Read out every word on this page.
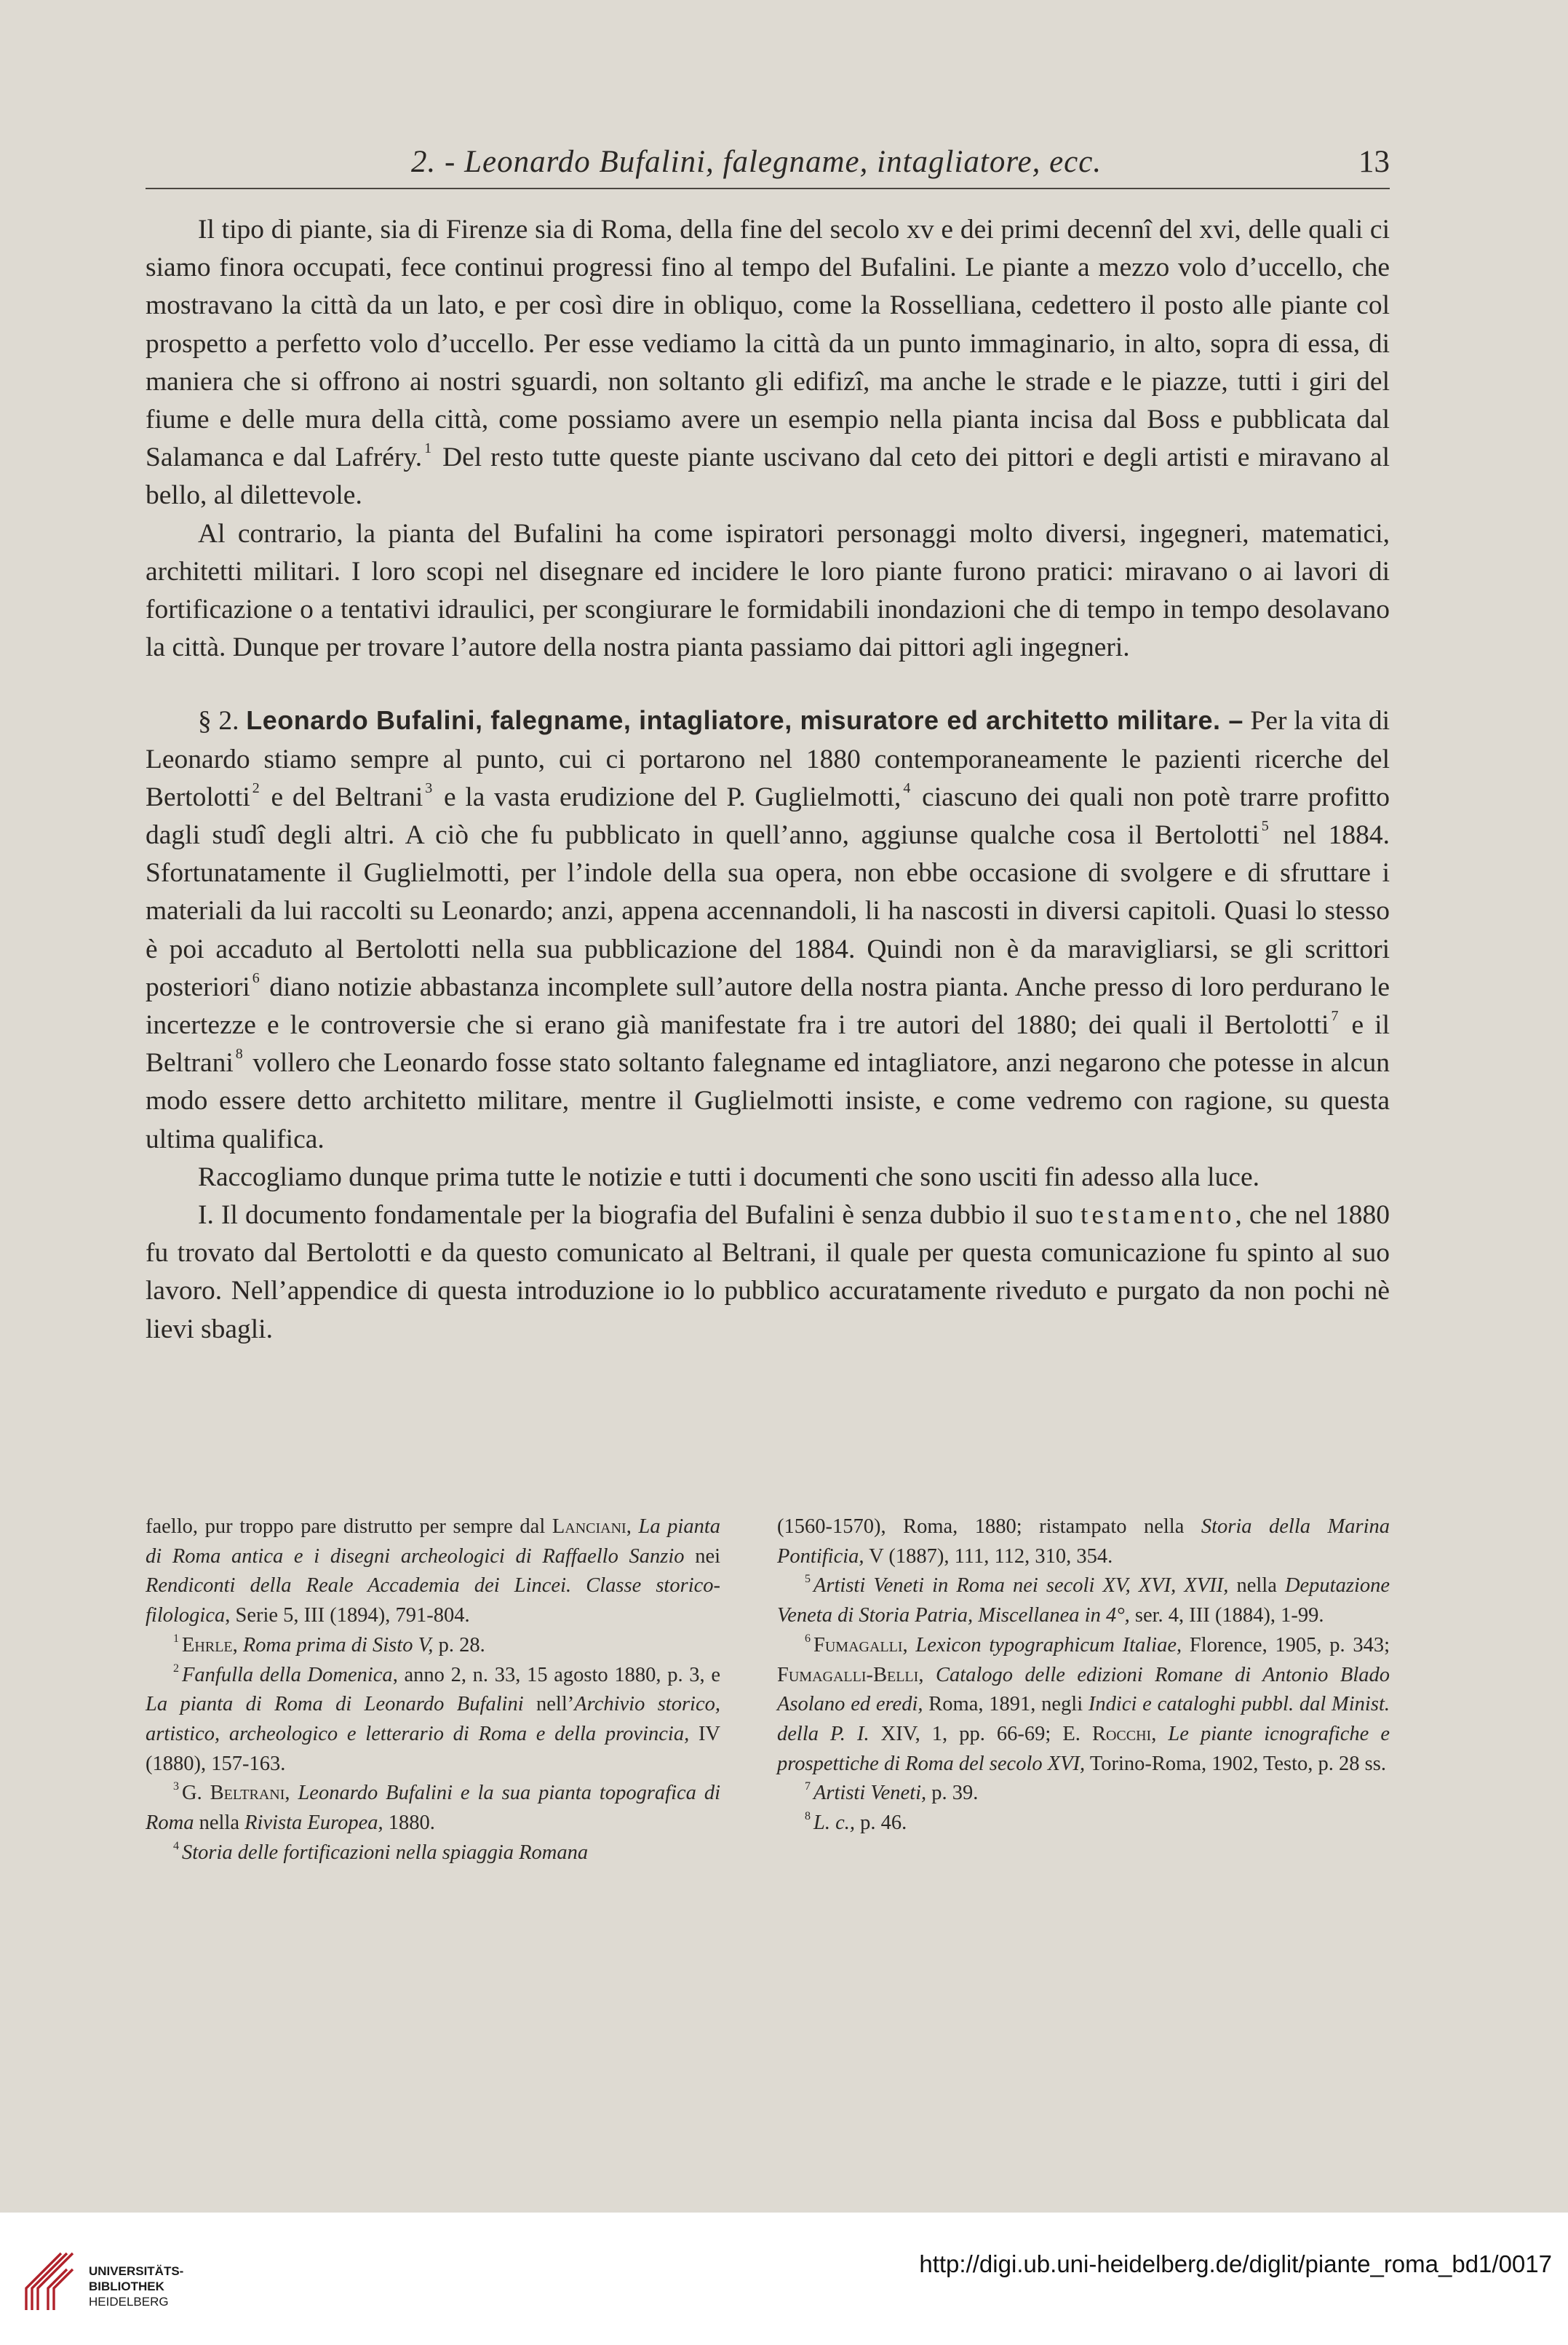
2. - Leonardo Bufalini, falegname, intagliatore, ecc.	13

Il tipo di piante, sia di Firenze sia di Roma, della fine del secolo xv e dei primi decennî del xvi, delle quali ci siamo finora occupati, fece continui progressi fino al tempo del Bufalini. Le piante a mezzo volo d’uccello, che mostravano la città da un lato, e per così dire in obliquo, come la Rosselliana, cedettero il posto alle piante col prospetto a perfetto volo d’uccello. Per esse vediamo la città da un punto immaginario, in alto, sopra di essa, di maniera che si offrono ai nostri sguardi, non soltanto gli edifizî, ma anche le strade e le piazze, tutti i giri del fiume e delle mura della città, come possiamo avere un esempio nella pianta incisa dal Boss e pubblicata dal Salamanca e dal Lafréry. $^1$ Del resto tutte queste piante uscivano dal ceto dei pittori e degli artisti e miravano al bello, al dilettevole.

Al contrario, la pianta del Bufalini ha come ispiratori personaggi molto diversi, ingegneri, matematici, architetti militari. I loro scopi nel disegnare ed incidere le loro piante furono pratici: miravano o ai lavori di fortificazione o a tentativi idraulici, per scongiurare le formidabili inondazioni che di tempo in tempo desolavano la città. Dunque per trovare l’autore della nostra pianta passiamo dai pittori agli ingegneri.

§ 2. Leonardo Bufalini, falegname, intagliatore, misuratore ed architetto militare. – Per la vita di Leonardo stiamo sempre al punto, cui ci portarono nel 1880 contemporaneamente le pazienti ricerche del Bertolotti $^2$ e del Beltrani $^3$ e la vasta erudizione del P. Guglielmotti, $^4$ ciascuno dei quali non potè trarre profitto dagli studî degli altri. A ciò che fu pubblicato in quell’anno, aggiunse qualche cosa il Bertolotti $^5$ nel 1884. Sfortunatamente il Guglielmotti, per l’indole della sua opera, non ebbe occasione di svolgere e di sfruttare i materiali da lui raccolti su Leonardo; anzi, appena accennandoli, li ha nascosti in diversi capitoli. Quasi lo stesso è poi accaduto al Bertolotti nella sua pubblicazione del 1884. Quindi non è da maravigliarsi, se gli scrittori posteriori $^6$ diano notizie abbastanza incomplete sull’autore della nostra pianta. Anche presso di loro perdurano le incertezze e le controversie che si erano già manifestate fra i tre autori del 1880; dei quali il Bertolotti $^7$ e il Beltrani $^8$ vollero che Leonardo fosse stato soltanto falegname ed intagliatore, anzi negarono che potesse in alcun modo essere detto architetto militare, mentre il Guglielmotti insiste, e come vedremo con ragione, su questa ultima qualifica.

Raccogliamo dunque prima tutte le notizie e tutti i documenti che sono usciti fin adesso alla luce.

I. Il documento fondamentale per la biografia del Bufalini è senza dubbio il suo testamento, che nel 1880 fu trovato dal Bertolotti e da questo comunicato al Beltrani, il quale per questa comunicazione fu spinto al suo lavoro. Nell’appendice di questa introduzione io lo pubblico accuratamente riveduto e purgato da non pochi nè lievi sbagli.

faello, pur troppo pare distrutto per sempre dal Lanciani, La pianta di Roma antica e i disegni archeologici di Raffaello Sanzio nei Rendiconti della Reale Accademia dei Lincei. Classe storico-filologica, Serie 5, III (1894), 791-804.

$^1$ Ehrle, Roma prima di Sisto V, p. 28.

$^2$ Fanfulla della Domenica, anno 2, n. 33, 15 agosto 1880, p. 3, e La pianta di Roma di Leonardo Bufalini nell’Archivio storico, artistico, archeologico e letterario di Roma e della provincia, IV (1880), 157-163.

$^3$ G. Beltrani, Leonardo Bufalini e la sua pianta topografica di Roma nella Rivista Europea, 1880.

$^4$ Storia delle fortificazioni nella spiaggia Romana

(1560-1570), Roma, 1880; ristampato nella Storia della Marina Pontificia, V (1887), 111, 112, 310, 354.

$^5$ Artisti Veneti in Roma nei secoli XV, XVI, XVII, nella Deputazione Veneta di Storia Patria, Miscellanea in 4°, ser. 4, III (1884), 1-99.

$^6$ Fumagalli, Lexicon typographicum Italiae, Florence, 1905, p. 343; Fumagalli-Belli, Catalogo delle edizioni Romane di Antonio Blado Asolano ed eredi, Roma, 1891, negli Indici e cataloghi pubbl. dal Minist. della P. I. XIV, 1, pp. 66-69; E. Rocchi, Le piante icnografiche e prospettiche di Roma del secolo XVI, Torino-Roma, 1902, Testo, p. 28 ss.

$^7$ Artisti Veneti, p. 39.

$^8$ L. c., p. 46.

UNIVERSITÄTS-
BIBLIOTHEK
HEIDELBERG
http://digi.ub.uni-heidelberg.de/diglit/piante_roma_bd1/0017
